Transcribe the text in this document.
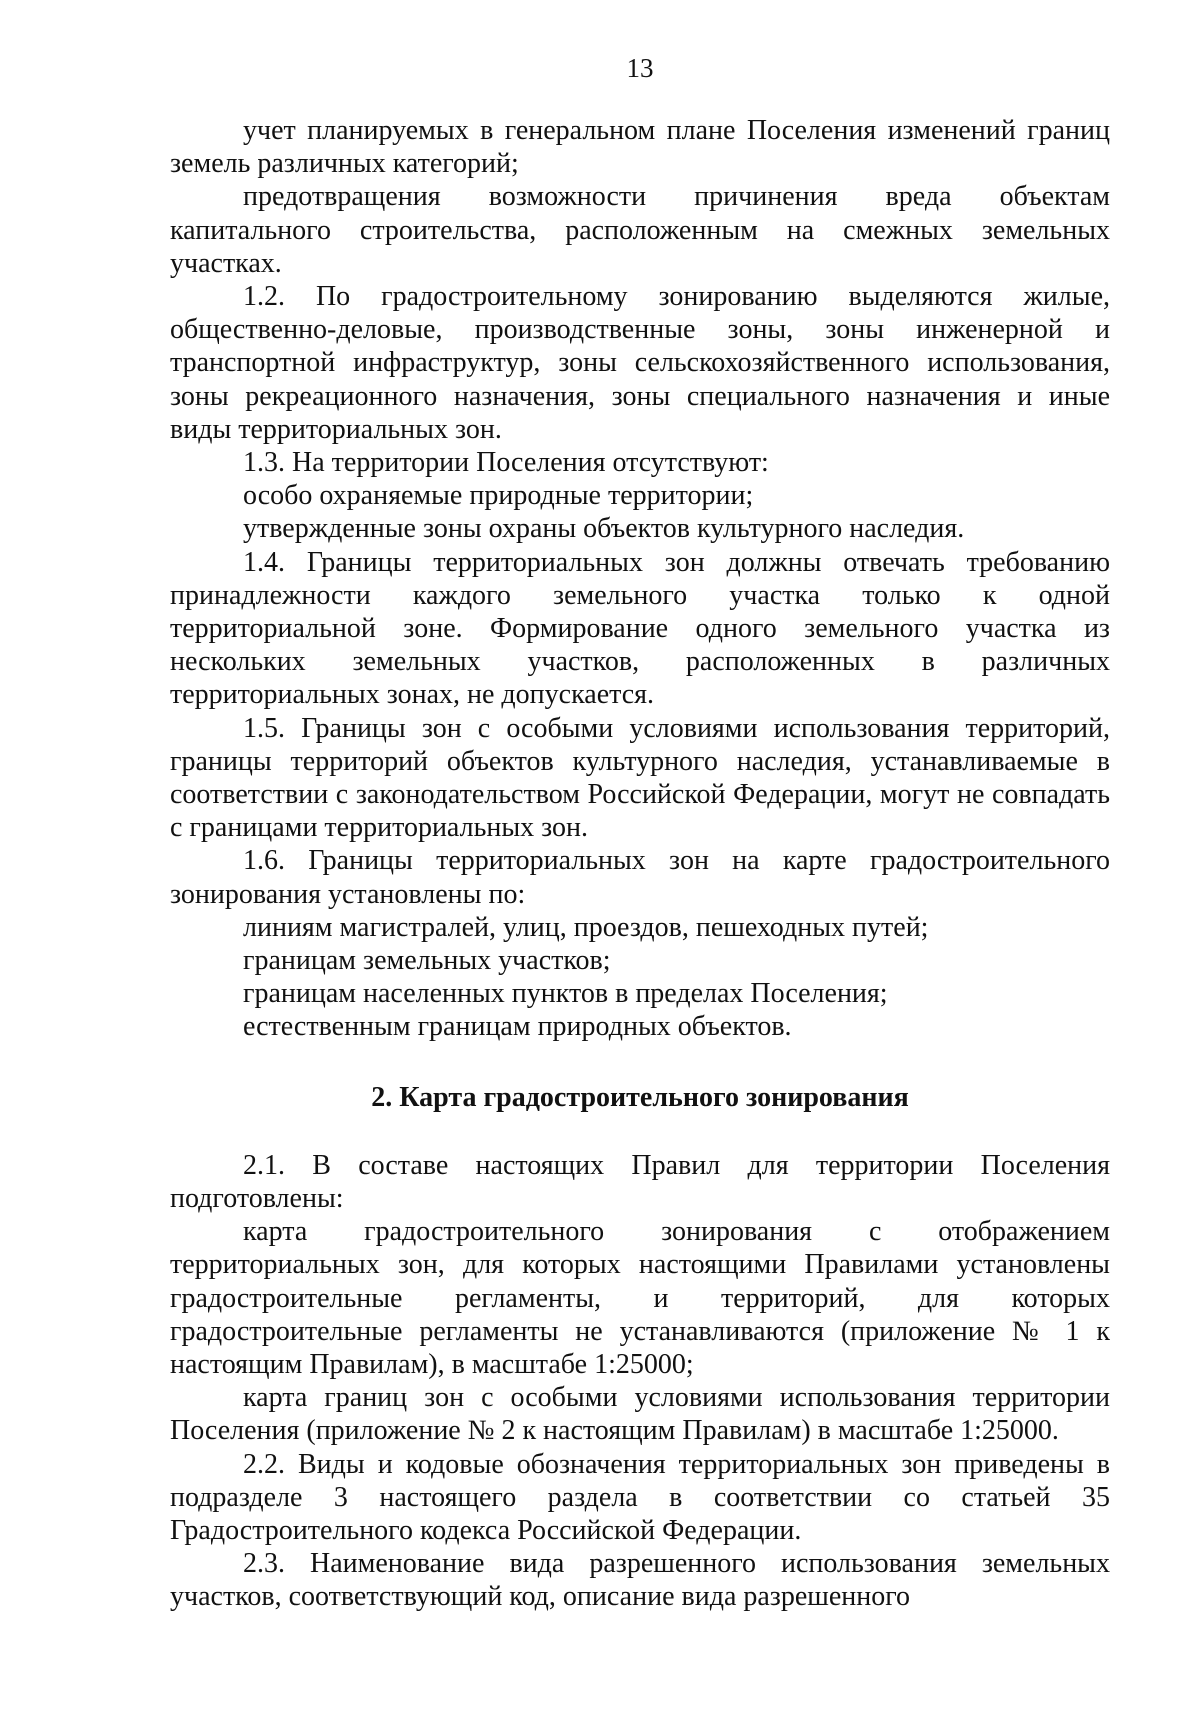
13

учет планируемых в генеральном плане Поселения изменений границ земель различных категорий;

предотвращения возможности причинения вреда объектам капитального строительства, расположенным на смежных земельных участках.

1.2. По градостроительному зонированию выделяются жилые, общественно-деловые, производственные зоны, зоны инженерной и транспортной инфраструктур, зоны сельскохозяйственного использования, зоны рекреационного назначения, зоны специального назначения и иные виды территориальных зон.

1.3. На территории Поселения отсутствуют:

особо охраняемые природные территории;

утвержденные зоны охраны объектов культурного наследия.

1.4. Границы территориальных зон должны отвечать требованию принадлежности каждого земельного участка только к одной территориальной зоне. Формирование одного земельного участка из нескольких земельных участков, расположенных в различных территориальных зонах, не допускается.

1.5. Границы зон с особыми условиями использования территорий, границы территорий объектов культурного наследия, устанавливаемые в соответствии с законодательством Российской Федерации, могут не совпадать с границами территориальных зон.

1.6. Границы территориальных зон на карте градостроительного зонирования установлены по:

линиям магистралей, улиц, проездов, пешеходных путей;

границам земельных участков;

границам населенных пунктов в пределах Поселения;

естественным границам природных объектов.

2. Карта градостроительного зонирования

2.1. В составе настоящих Правил для территории Поселения подготовлены:

карта градостроительного зонирования с отображением территориальных зон, для которых настоящими Правилами установлены градостроительные регламенты, и территорий, для которых градостроительные регламенты не устанавливаются (приложение № 1 к настоящим Правилам), в масштабе 1:25000;

карта границ зон с особыми условиями использования территории Поселения (приложение № 2 к настоящим Правилам) в масштабе 1:25000.

2.2. Виды и кодовые обозначения территориальных зон приведены в подразделе 3 настоящего раздела в соответствии со статьей 35 Градостроительного кодекса Российской Федерации.

2.3. Наименование вида разрешенного использования земельных участков, соответствующий код, описание вида разрешенного
